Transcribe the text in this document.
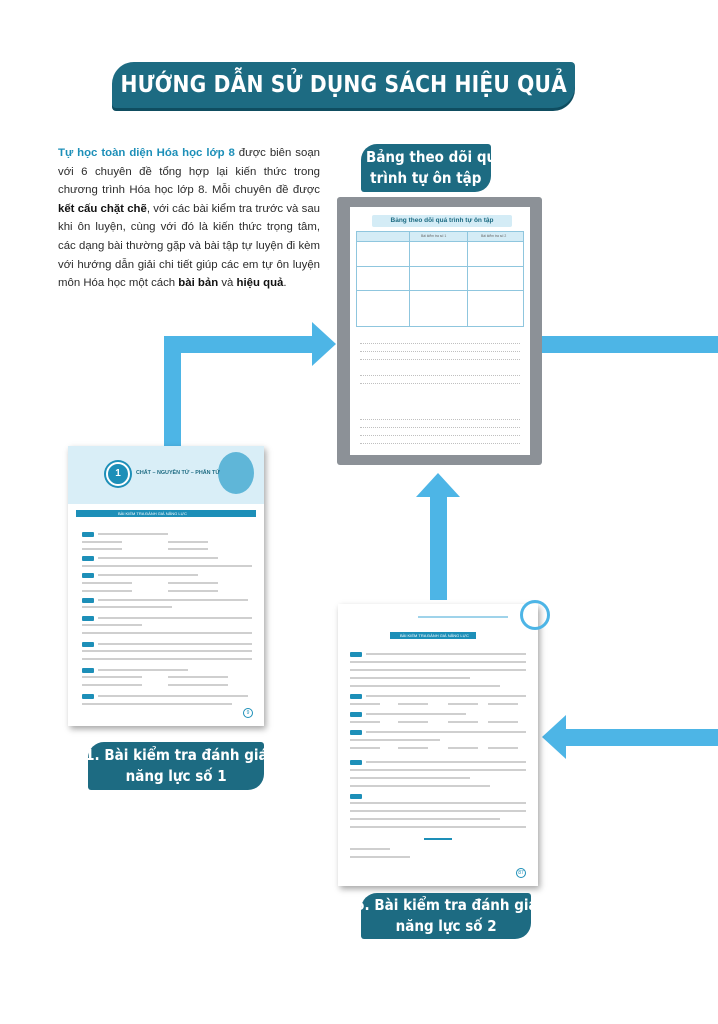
HƯỚNG DẪN SỬ DỤNG SÁCH HIỆU QUẢ

Tự học toàn diện Hóa học lớp 8 được biên soạn với 6 chuyên đề tổng hợp lại kiến thức trong chương trình Hóa học lớp 8. Mỗi chuyên đề được kết cấu chặt chẽ, với các bài kiểm tra trước và sau khi ôn luyện, cùng với đó là kiến thức trọng tâm, các dạng bài thường gặp và bài tập tự luyện đi kèm với hướng dẫn giải chi tiết giúp các em tự ôn luyện môn Hóa học một cách bài bản và hiệu quả.

2. Bảng theo dõi quá
trình tự ôn tập
Bảng theo dõi quá trình tự ôn tập
Bài kiểm tra số 1	Bài kiểm tra số 2
1	CHẤT – NGUYÊN TỬ – PHÂN TỬ
BÀI KIỂM TRA ĐÁNH GIÁ NĂNG LỰC
9
1. Bài kiểm tra đánh giá
năng lực số 1
BÀI KIỂM TRA ĐÁNH GIÁ NĂNG LỰC
87
6. Bài kiểm tra đánh giá
năng lực số 2
